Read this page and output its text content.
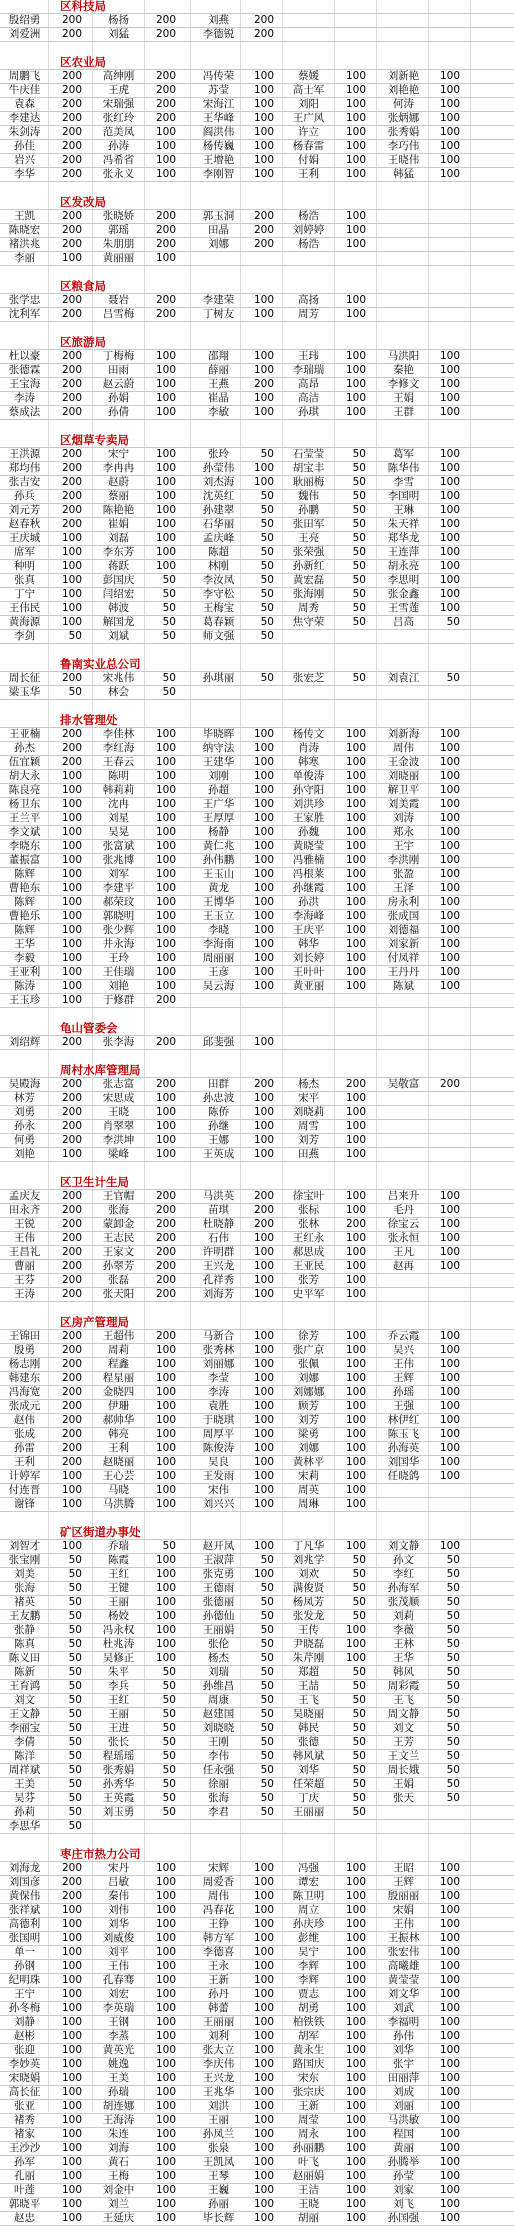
区科技局
殷绍勇	200	杨扬	200	刘燕	200
刘爱洲	200	刘猛	200	李德锐	200
区农业局
周鹏飞	200	高绅刚	200	冯传荣	100	蔡媛	100	刘新艳	100
牛庆佳	200	王虎	200	苏莹	100	高士军	100	刘艳艳	100
袁森	200	宋瑞强	200	宋海江	100	刘阳	100	何涛	100
李建达	200	张红玲	200	王华峰	100	王广风	100	张炳娜	100
朱剑涛	200	范美凤	100	阎洪伟	100	许立	100	张秀娟	100
孙佳	200	孙涛	100	杨传巍	100	杨春雷	100	李巧伟	100
岩兴	200	冯希省	100	王增艳	100	付娟	100	王晓伟	100
李华	200	张永义	100	李刚智	100	王利	100	韩猛	100
区发改局
王凯	200	张晓娇	200	郭玉洞	200	杨浩	100
陈晓宏	200	郭瑶	200	田晶	200	刘婷婷	100
褚洪兆	200	朱朋朋	200	刘娜	200	杨浩	100
李丽	100	黄丽丽	100
区粮食局
张学忠	200	聂岩	200	李建荣	100	高扬	100
沈利军	200	吕雪梅	200	丁树友	100	周芳	100
区旅游局
杜以豪	200	丁梅梅	100	邵翔	100	王玮	100	马洪阳	100
张德霖	200	田雨	100	薛丽	100	李瑞瑞	100	秦艳	100
王宝海	200	赵云蔚	100	王燕	200	高昂	100	李修文	100
李涛	200	孙娟	100	崔晶	100	高洁	100	王娟	100
蔡成法	200	孙倩	100	李敏	100	孙琪	100	王群	100
区烟草专卖局
王洪源	200	宋宁	100	张玲	50	石莹莹	50	葛军	100
郑均伟	200	李冉冉	100	孙莹伟	100	胡宝丰	50	陈华伟	100
张吉安	200	赵蔚	100	刘杰海	100	耿丽梅	50	李雪	100
孙兵	200	蔡丽	100	沈英红	50	魏伟	50	李国明	100
刘元芳	200	陈艳艳	100	孙建翠	50	孙鹏	50	王琳	100
赵春秋	200	崔娟	100	石华丽	50	张田军	50	朱天祥	100
王庆城	100	刘磊	100	孟庆峰	50	王亮	50	郑华龙	100
席军	100	李东芳	100	陈超	50	张荣强	50	王连萍	100
种明	100	蒋跃	100	林刚	50	孙新红	50	胡永亮	100
张真	100	彭国庆	50	李汝凤	50	黄宏磊	50	李思明	100
丁宁	100	闫绍宏	50	李守松	50	张海刚	50	张金鑫	100
王伟民	100	韩波	50	王梅宝	50	周秀	50	王雪莲	100
黄海源	100	解国龙	50	葛春颖	50	焦守荣	50	吕高	50
李剑	50	刘斌	50	师文强	50
鲁南实业总公司
周长征	200	宋兆伟	50	孙琪丽	50	张宏芝	50	刘袁江	50
梁玉华	50	林会	50
排水管理处
王亚楠	200	李佳林	100	毕晓晖	100	杨传文	100	刘新海	100
孙杰	200	李红海	100	纳守法	100	肖涛	100	周伟	100
伍宜颖	200	王春云	100	王建华	100	韩寒	100	王金波	100
胡大永	100	陈明	100	刘刚	100	单俊涛	100	刘晓丽	100
陈良亮	100	韩莉莉	100	孙超	100	孙守阳	100	解卫平	100
杨卫东	100	沈冉	100	王广华	100	刘洪珍	100	刘美霞	100
王兰平	100	刘星	100	王厚厚	100	王家胜	100	刘涛	100
李文斌	100	吴晃	100	杨静	100	孙魏	100	郑永	100
李晓东	100	张富斌	100	黄仁兆	100	黄晓莹	100	王宇	100
董振富	100	张兆博	100	孙伟鹏	100	冯雅楠	100	李洪刚	100
陈辉	100	刘军	100	王玉山	100	冯根莱	100	张盈	100
曹艳东	100	李建平	100	黄龙	100	孙继霞	100	王泽	100
陈辉	100	郝荣玟	100	王博华	100	孙洪	100	房永利	100
曹艳乐	100	郭晓明	100	王玉立	100	李海峰	100	张成国	100
陈辉	100	张少辉	100	李晓	100	王庆平	100	刘德福	100
王华	100	井永海	100	李海南	100	韩华	100	刘家新	100
李毅	100	王玲	100	周丽丽	100	刘长婷	100	付凤祥	100
王亚利	100	王佳瑞	100	王彦	100	王叶叶	100	王丹丹	100
陈涛	100	刘艳	100	吴云海	100	黄亚丽	100	陈斌	100
王玉珍	100	于修群	200
龟山管委会
刘绍辉	200	张李海	200	邱斐强	100
周村水库管理局
吴殿海	200	张志富	200	田群	200	杨杰	200	吴敬富	200
林芳	200	宋思成	100	孙忠波	100	宋平	100
刘勇	200	王晓	100	陈侨	100	刘晓莉	100
孙永	200	肖翠翠	100	孙继	100	周雪	100
何勇	200	李洪坤	100	王娜	100	刘芳	100
刘艳	100	梁峰	100	王英成	100	田燕	100
区卫生计生局
孟庆友	200	王官帽	200	马洪英	200	徐宝叶	100	吕来升	100
田永齐	200	张海	200	苗琪	200	张标	100	毛丹	100
王锐	200	蒙卸金	200	杜晓静	200	张林	200	徐宝云	100
王伟	200	王志民	200	石伟	100	王红永	100	张永恒	100
王昌礼	200	王家文	200	许明群	100	郝思成	100	王凡	100
曹丽	200	孙翠芳	200	王兴龙	100	王亚民	100	赵再	100
王芬	200	张磊	200	孔祥秀	100	张芳	100
王涛	200	张天阳	200	刘海芳	100	史平军	100
区房产管理局
王锦田	200	王超伟	200	马新合	100	徐芳	100	乔云霞	100
殷勇	200	周莉	100	张秀林	100	张广京	100	吴兴	100
杨志刚	200	程鑫	100	刘丽娜	100	张佩	100	王伟	100
韩建东	200	程星丽	100	李莹	100	刘娜	100	王辉	100
冯海宽	200	金晓四	100	李涛	100	刘娜娜	100	孙瑶	100
张成元	200	伊珊	100	袁胜	100	顾芳	100	王强	100
赵伟	200	郝帅华	100	于晓琪	100	刘芳	100	林伊红	100
张成	200	韩亮	100	周厚平	100	梁勇	100	陈玉飞	100
孙雷	200	王利	100	陈俊涛	100	刘娜	100	孙海英	100
王利	200	赵晓丽	100	吴良	100	黄林平	100	刘国华	100
计婷军	100	王心芸	100	王发雨	100	宋莉	100	任晓鸽	100
付连晋	100	马晓	100	宋伟	100	周英	100
谢锋	100	马洪腾	100	刘兴兴	100	周琳	100
矿区街道办事处
刘智才	100	乔瑞	50	赵开凤	100	丁凡华	100	刘文静	100
张宝刚	50	陈霞	100	王淑萍	50	刘兆学	50	孙文	50
刘美	50	王红	100	张克勇	100	刘欢	50	李红	50
张海	50	王键	100	王德雨	50	满俊贤	50	孙海军	50
褚英	50	王丽	100	张德丽	50	杨凤芳	50	张茂顺	50
王友鹏	50	杨姣	100	孙德仙	50	张发龙	50	刘莉	50
张静	50	冯永权	100	王丽娟	50	王传	100	李薇	50
陈真	50	杜兆涛	100	张伦	50	尹晓磊	100	王林	50
陈义田	50	吴修正	100	杨杰	50	朱芹刚	100	王华	50
陈新	50	朱平	50	刘瑞	50	郑超	50	韩风	50
王育鸿	50	李兵	50	孙维昌	50	王喆	50	周彩霞	50
刘文	50	王红	50	周康	50	王飞	50	王飞	50
王文静	50	王丽	50	赵建国	50	吴晓丽	50	周文静	50
李丽宝	50	王进	50	刘晓晓	50	韩民	50	刘文	50
李倩	50	张长	50	王刚	50	张德	50	王芳	50
陈洋	50	程瑶瑶	50	李伟	50	韩风斌	50	王文兰	50
周祥斌	50	张秀娟	50	任永强	50	刘华	50	周长娥	50
王美	50	孙秀华	50	徐丽	50	任荣超	50	王娟	50
吴芬	50	王英霞	50	张海	50	丁庆	50	张天	50
孙莉	50	刘玉勇	50	李君	50	王丽丽	50
李思华	50
枣庄市热力公司
刘海龙	200	宋丹	100	宋辉	100	冯强	100	王昭	100
刘国彦	200	吕敏	100	周爱香	100	谭宏	100	王辉	100
黄保伟	200	秦伟	100	周伟	100	陈卫明	100	殷丽丽	100
张祥斌	100	刘伟	100	冯春花	100	周立	100	宋娟	100
高德利	100	刘华	100	王铮	100	孙庆珍	100	王伟	100
张国明	100	刘威俊	100	韩方军	100	彭维	100	王振林	100
单一	100	刘平	100	李德喜	100	吴宁	100	张宏伟	100
孙钢	100	王伟	100	王永	100	李辉	100	高曦雄	100
纪明珠	100	孔春骞	100	王新	100	李辉	100	黄莹莹	100
王宁	100	刘宏	100	孙丹	100	贾志	100	刘文华	100
孙冬梅	100	李英瑞	100	韩蕾	100	胡勇	100	刘武	100
刘静	100	王钢	100	王丽丽	100	柏铁铁	100	李福明	100
赵彬	100	李蒸	100	刘利	100	胡军	100	孙伟	100
张迎	100	黄英光	100	张大立	100	黄永生	100	刘华	100
李妙英	100	姚逸	100	李庆伟	100	路国庆	100	张宇	100
宋晓娟	100	王美	100	王兴龙	100	宋东	100	田丽萍	100
高长征	100	孙瑞	100	王兆华	100	张宗庆	100	刘成	100
张亚	100	胡连娜	100	刘洪	100	王新	100	刘丽	100
褚秀	100	王海涛	100	王丽	100	周莹	100	马洪敏	100
褚家	100	朱连	100	孙凤兰	100	周永	100	程国	100
王沙沙	100	刘海	100	张泉	100	孙丽鹏	100	黄丽	100
孙军	100	黄石	100	王凯凤	100	叶飞	100	孙腾举	100
孔丽	100	王梅	100	王琴	100	赵丽娟	100	孙莹	100
叶莲	100	刘金中	100	王巍	100	王洁	100	刘家	100
郭晓平	100	刘兰	100	孙丽	100	王晓	100	刘飞	100
赵忠	100	王延庆	100	毕长辉	100	胡丽	100	孙国强	100
